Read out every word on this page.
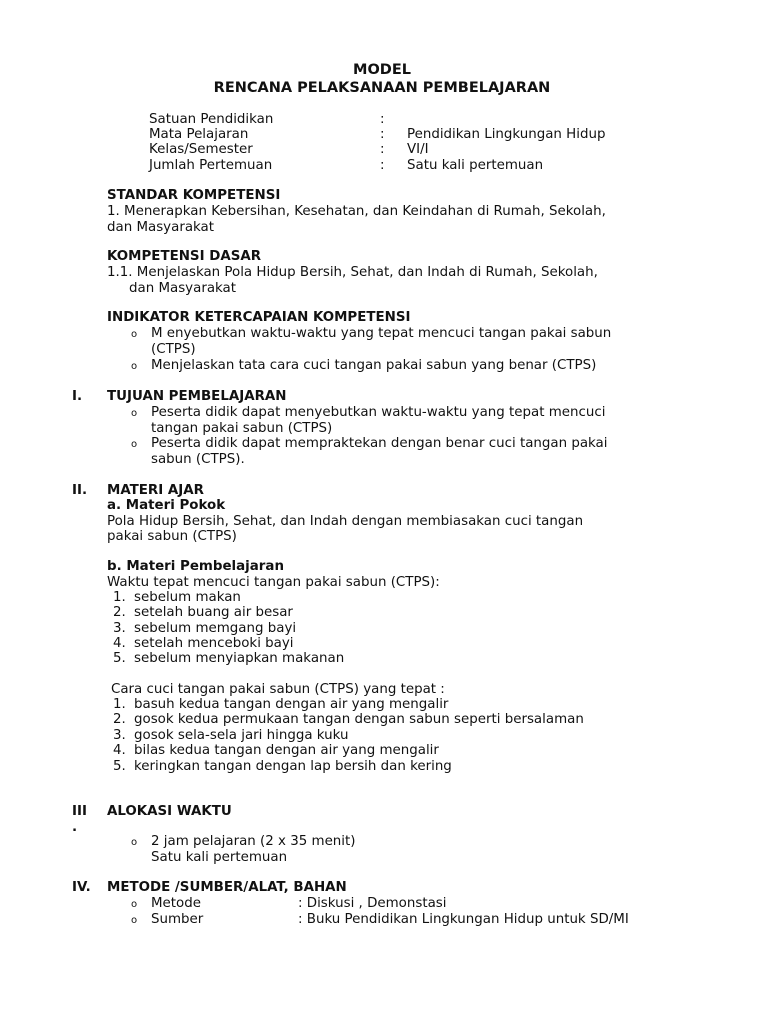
MODEL
RENCANA PELAKSANAAN PEMBELAJARAN
Satuan Pendidikan	:
Mata Pelajaran	: Pendidikan Lingkungan Hidup
Kelas/Semester	: VI/I
Jumlah Pertemuan	: Satu kali pertemuan
STANDAR KOMPETENSI
1. Menerapkan Kebersihan, Kesehatan, dan Keindahan di Rumah, Sekolah,
dan Masyarakat
KOMPETENSI DASAR
1.1. Menjelaskan Pola Hidup Bersih, Sehat, dan Indah di Rumah, Sekolah,
dan Masyarakat
INDIKATOR KETERCAPAIAN KOMPETENSI
o M enyebutkan waktu-waktu yang tepat mencuci tangan pakai sabun
(CTPS)
o Menjelaskan tata cara cuci tangan pakai sabun yang benar (CTPS)
I. TUJUAN PEMBELAJARAN
o Peserta didik dapat menyebutkan waktu-waktu yang tepat mencuci
tangan pakai sabun (CTPS)
o Peserta didik dapat mempraktekan dengan benar cuci tangan pakai
sabun (CTPS).
II. MATERI AJAR
a. Materi Pokok
Pola Hidup Bersih, Sehat, dan Indah dengan membiasakan cuci tangan
pakai sabun (CTPS)
b. Materi Pembelajaran
Waktu tepat mencuci tangan pakai sabun (CTPS):
1. sebelum makan
2. setelah buang air besar
3. sebelum memgang bayi
4. setelah menceboki bayi
5. sebelum menyiapkan makanan
Cara cuci tangan pakai sabun (CTPS) yang tepat :
1. basuh kedua tangan dengan air yang mengalir
2. gosok kedua permukaan tangan dengan sabun seperti bersalaman
3. gosok sela-sela jari hingga kuku
4. bilas kedua tangan dengan air yang mengalir
5. keringkan tangan dengan lap bersih dan kering
III
.
ALOKASI WAKTU
o 2 jam pelajaran (2 x 35 menit)
Satu kali pertemuan
IV. METODE /SUMBER/ALAT, BAHAN
o Metode	: Diskusi , Demonstasi
o Sumber	: Buku Pendidikan Lingkungan Hidup untuk SD/MI
